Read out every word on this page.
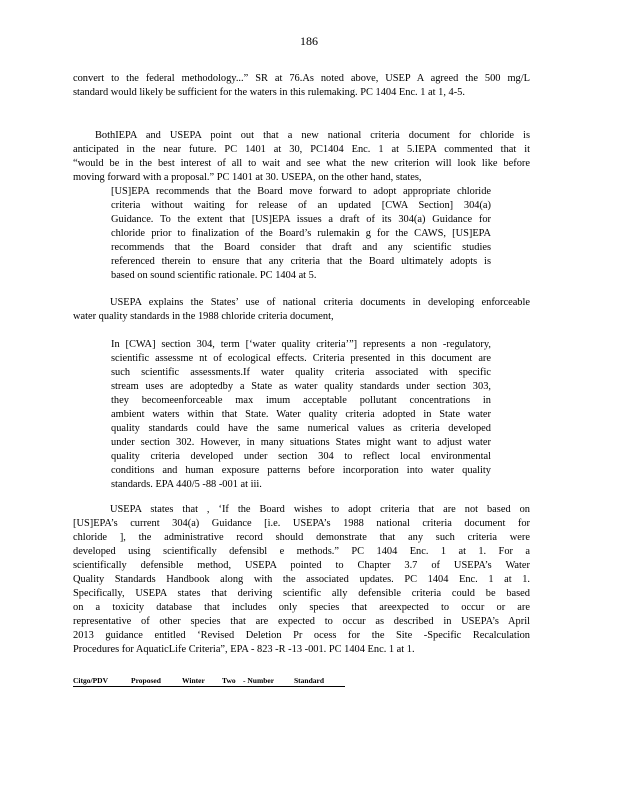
186
convert to the federal methodology...” SR at 76.As noted above, USEP A agreed the 500 mg/L
standard would likely be sufficient for the waters in this rulemaking. PC 1404 Enc. 1 at 1, 4-5.
BothIEPA and USEPA point out that a new national criteria document for chloride is
anticipated in the near future. PC 1401 at 30, PC1404 Enc. 1 at 5.IEPA commented that it
“would be in the best interest of all to wait and see what the new criterion will look like before
moving forward with a proposal.” PC 1401 at 30. USEPA, on the other hand, states,
[US]EPA recommends that the Board move forward to adopt appropriate chloride
criteria without waiting for release of an updated [CWA Section] 304(a)
Guidance. To the extent that [US]EPA issues a draft of its 304(a) Guidance for
chloride prior to finalization of the Board’s rulemakin g for the CAWS, [US]EPA
recommends that the Board consider that draft and any scientific studies
referenced therein to ensure that any criteria that the Board ultimately adopts is
based on sound scientific rationale. PC 1404 at 5.
USEPA explains the States’ use of national criteria documents in developing enforceable
water quality standards in the 1988 chloride criteria document,
In [CWA] section 304, term [‘water quality criteria’”] represents a non -regulatory,
scientific assessme nt of ecological effects. Criteria presented in this document are
such scientific assessments.If water quality criteria associated with specific
stream uses are adoptedby a State as water quality standards under section 303,
they becomeenforceable max imum acceptable pollutant concentrations in
ambient waters within that State. Water quality criteria adopted in State water
quality standards could have the same numerical values as criteria developed
under section 302. However, in many situations States might want to adjust water
quality criteria developed under section 304 to reflect local environmental
conditions and human exposure patterns before incorporation into water quality
standards. EPA 440/5 -88 -001 at iii.
USEPA states that , ‘If the Board wishes to adopt criteria that are not based on
[US]EPA’s current 304(a) Guidance [i.e. USEPA’s 1988 national criteria document for
chloride ], the administrative record should demonstrate that any such criteria were
developed using scientifically defensibl e methods.” PC 1404 Enc. 1 at 1. For a
scientifically defensible method, USEPA pointed to Chapter 3.7 of USEPA’s Water
Quality Standards Handbook along with the associated updates. PC 1404 Enc. 1 at 1.
Specifically, USEPA states that deriving scientific ally defensible criteria could be based
on a toxicity database that includes only species that areexpected to occur or are
representative of other species that are expected to occur as described in USEPA’s April
2013 guidance entitled ‘Revised Deletion Pr ocess for the Site -Specific Recalculation
Procedures for AquaticLife Criteria”, EPA - 823 -R -13 -001. PC 1404 Enc. 1 at 1.
Citgo/PDV	Proposed	Winter Two - Number	Standard
